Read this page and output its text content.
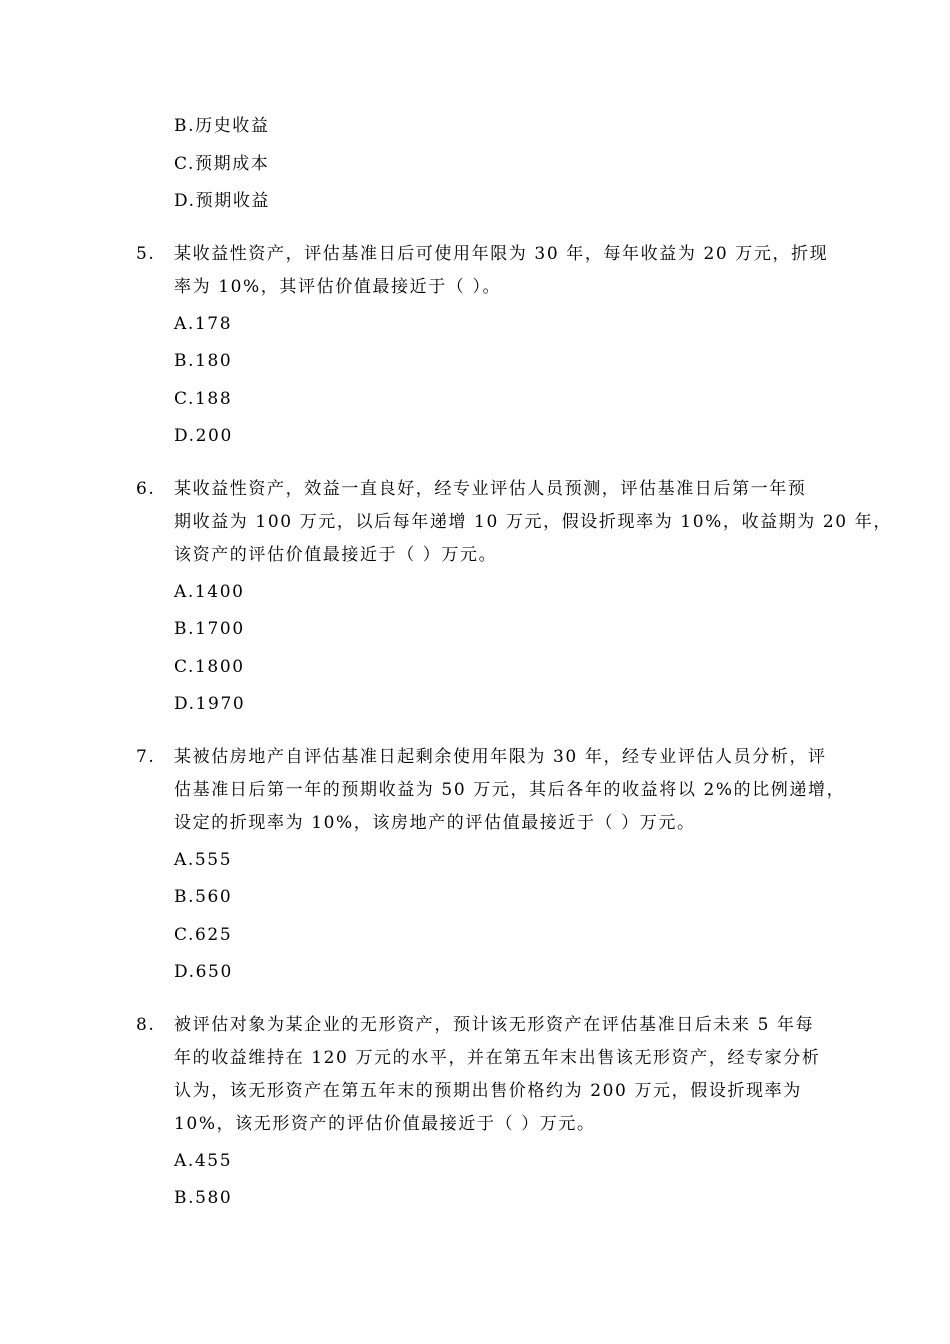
B.历史收益
C.预期成本
D.预期收益
5. 某收益性资产，评估基准日后可使用年限为 30 年，每年收益为 20 万元，折现
率为 10%，其评估价值最接近于（ ）。
A.178
B.180
C.188
D.200
6. 某收益性资产，效益一直良好，经专业评估人员预测，评估基准日后第一年预
期收益为 100 万元，以后每年递增 10 万元，假设折现率为 10%，收益期为 20 年，
该资产的评估价值最接近于（ ）万元。
A.1400
B.1700
C.1800
D.1970
7. 某被估房地产自评估基准日起剩余使用年限为 30 年，经专业评估人员分析，评
估基准日后第一年的预期收益为 50 万元，其后各年的收益将以 2%的比例递增，
设定的折现率为 10%，该房地产的评估值最接近于（ ）万元。
A.555
B.560
C.625
D.650
8. 被评估对象为某企业的无形资产，预计该无形资产在评估基准日后未来 5 年每
年的收益维持在 120 万元的水平，并在第五年末出售该无形资产，经专家分析
认为，该无形资产在第五年末的预期出售价格约为 200 万元，假设折现率为
10%，该无形资产的评估价值最接近于（ ）万元。
A.455
B.580
